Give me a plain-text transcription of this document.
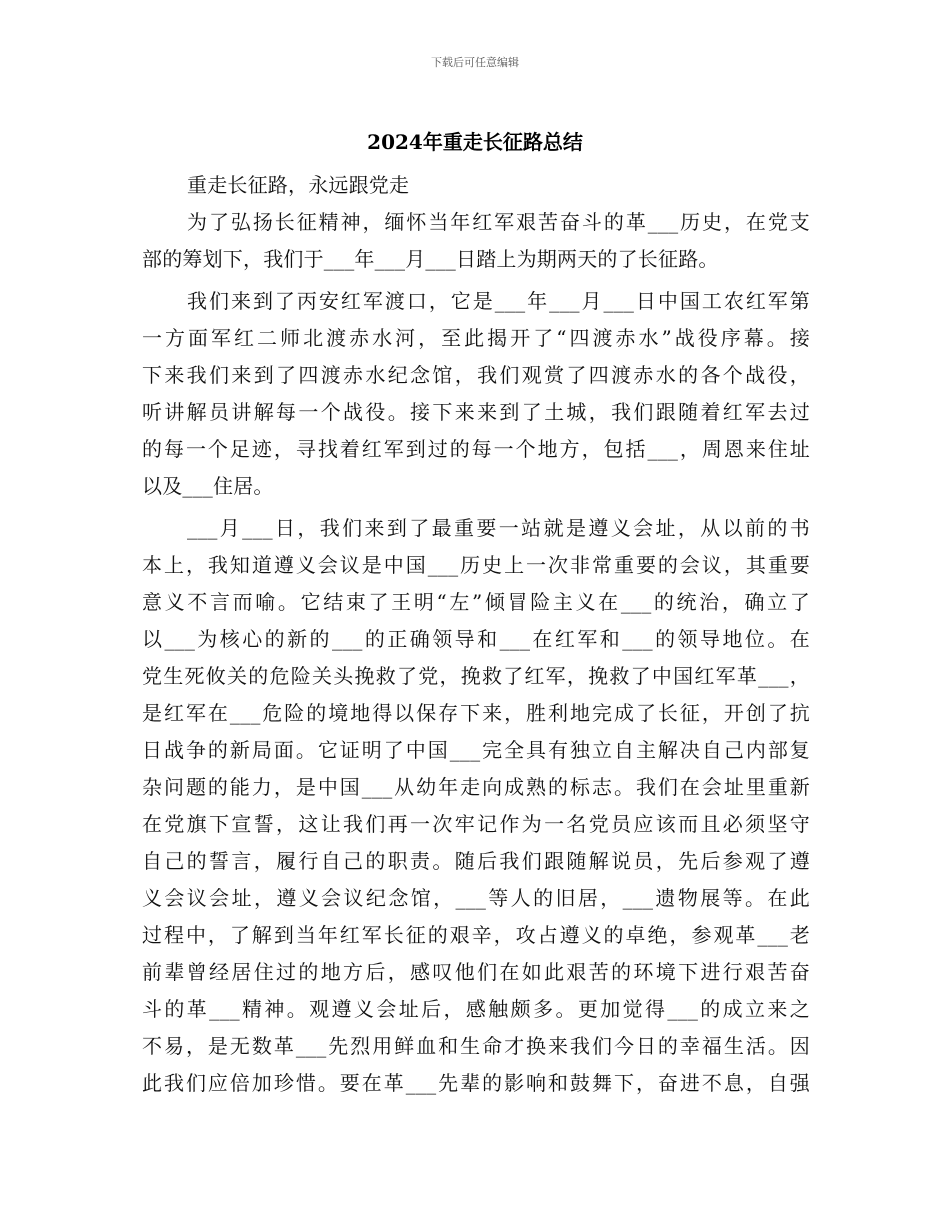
下载后可任意编辑
2024年重走长征路总结
重走长征路，永远跟党走
为了弘扬长征精神，缅怀当年红军艰苦奋斗的革___历史，在党支
部的筹划下，我们于___年___月___日踏上为期两天的了长征路。
我们来到了丙安红军渡口，它是___年___月___日中国工农红军第
一方面军红二师北渡赤水河，至此揭开了“四渡赤水”战役序幕。接
下来我们来到了四渡赤水纪念馆，我们观赏了四渡赤水的各个战役，
听讲解员讲解每一个战役。接下来来到了土城，我们跟随着红军去过
的每一个足迹，寻找着红军到过的每一个地方，包括___，周恩来住址
以及___住居。
___月___日，我们来到了最重要一站就是遵义会址，从以前的书
本上，我知道遵义会议是中国___历史上一次非常重要的会议，其重要
意义不言而喻。它结束了王明“左”倾冒险主义在___的统治，确立了
以___为核心的新的___的正确领导和___在红军和___的领导地位。在
党生死攸关的危险关头挽救了党，挽救了红军，挽救了中国红军革___，
是红军在___危险的境地得以保存下来，胜利地完成了长征，开创了抗
日战争的新局面。它证明了中国___完全具有独立自主解决自己内部复
杂问题的能力，是中国___从幼年走向成熟的标志。我们在会址里重新
在党旗下宣誓，这让我们再一次牢记作为一名党员应该而且必须坚守
自己的誓言，履行自己的职责。随后我们跟随解说员，先后参观了遵
义会议会址，遵义会议纪念馆，___等人的旧居，___遗物展等。在此
过程中，了解到当年红军长征的艰辛，攻占遵义的卓绝，参观革___老
前辈曾经居住过的地方后，感叹他们在如此艰苦的环境下进行艰苦奋
斗的革___精神。观遵义会址后，感触颇多。更加觉得___的成立来之
不易，是无数革___先烈用鲜血和生命才换来我们今日的幸福生活。因
此我们应倍加珍惜。要在革___先辈的影响和鼓舞下，奋进不息，自强
